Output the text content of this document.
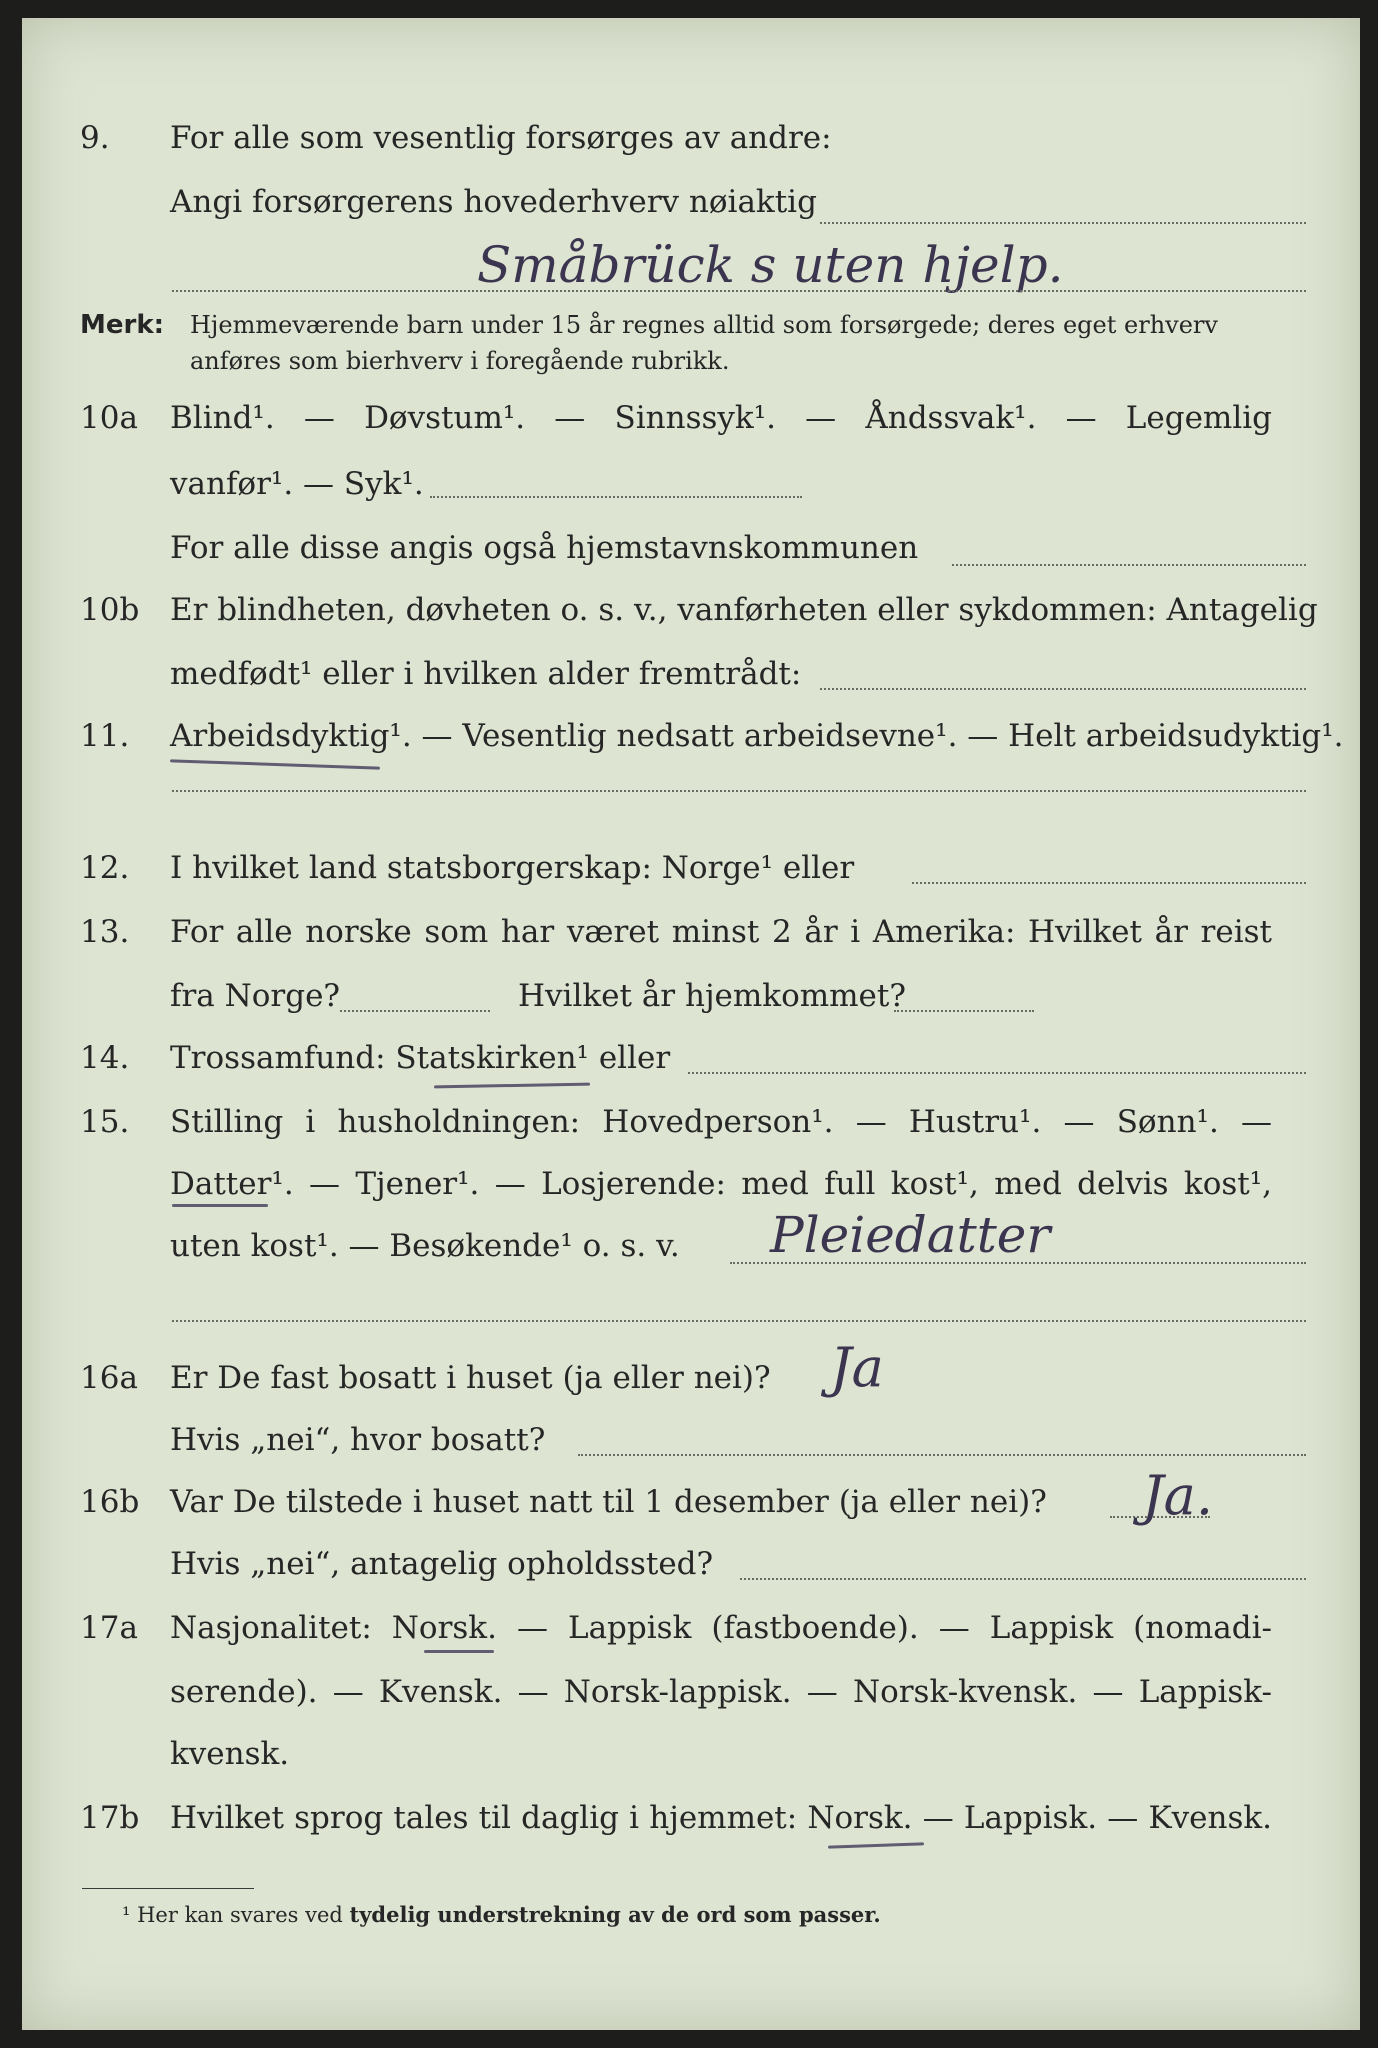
9. For alle som vesentlig forsørges av andre:
Angi forsørgerens hovederhverv nøiaktig
Småbrück s uten hjelp.
Merk: Hjemmeværende barn under 15 år regnes alltid som forsørgede; deres eget erhverv
anføres som bierhverv i foregående rubrikk.
10a Blind¹. — Døvstum¹. — Sinnssyk¹. — Åndssvak¹. — Legemlig
vanfør¹. — Syk¹.
For alle disse angis også hjemstavnskommunen
10b Er blindheten, døvheten o. s. v., vanførheten eller sykdommen: Antagelig
medfødt¹ eller i hvilken alder fremtrådt:
11. Arbeidsdyktig¹. — Vesentlig nedsatt arbeidsevne¹. — Helt arbeidsudyktig¹.
12. I hvilket land statsborgerskap: Norge¹ eller
13. For alle norske som har været minst 2 år i Amerika: Hvilket år reist
fra Norge?	Hvilket år hjemkommet?
14. Trossamfund: Statskirken¹ eller
15. Stilling i husholdningen: Hovedperson¹. — Hustru¹. — Sønn¹. —
Datter¹. — Tjener¹. — Losjerende: med full kost¹, med delvis kost¹,
uten kost¹. — Besøkende¹ o. s. v. Pleiedatter
16a Er De fast bosatt i huset (ja eller nei)? Ja
Hvis „nei“, hvor bosatt?
16b Var De tilstede i huset natt til 1 desember (ja eller nei)? Ja.
Hvis „nei“, antagelig opholdssted?
17a Nasjonalitet: Norsk. — Lappisk (fastboende). — Lappisk (nomadi-
serende). — Kvensk. — Norsk-lappisk. — Norsk-kvensk. — Lappisk-
kvensk.
17b Hvilket sprog tales til daglig i hjemmet: Norsk. — Lappisk. — Kvensk.
¹ Her kan svares ved tydelig understrekning av de ord som passer.
